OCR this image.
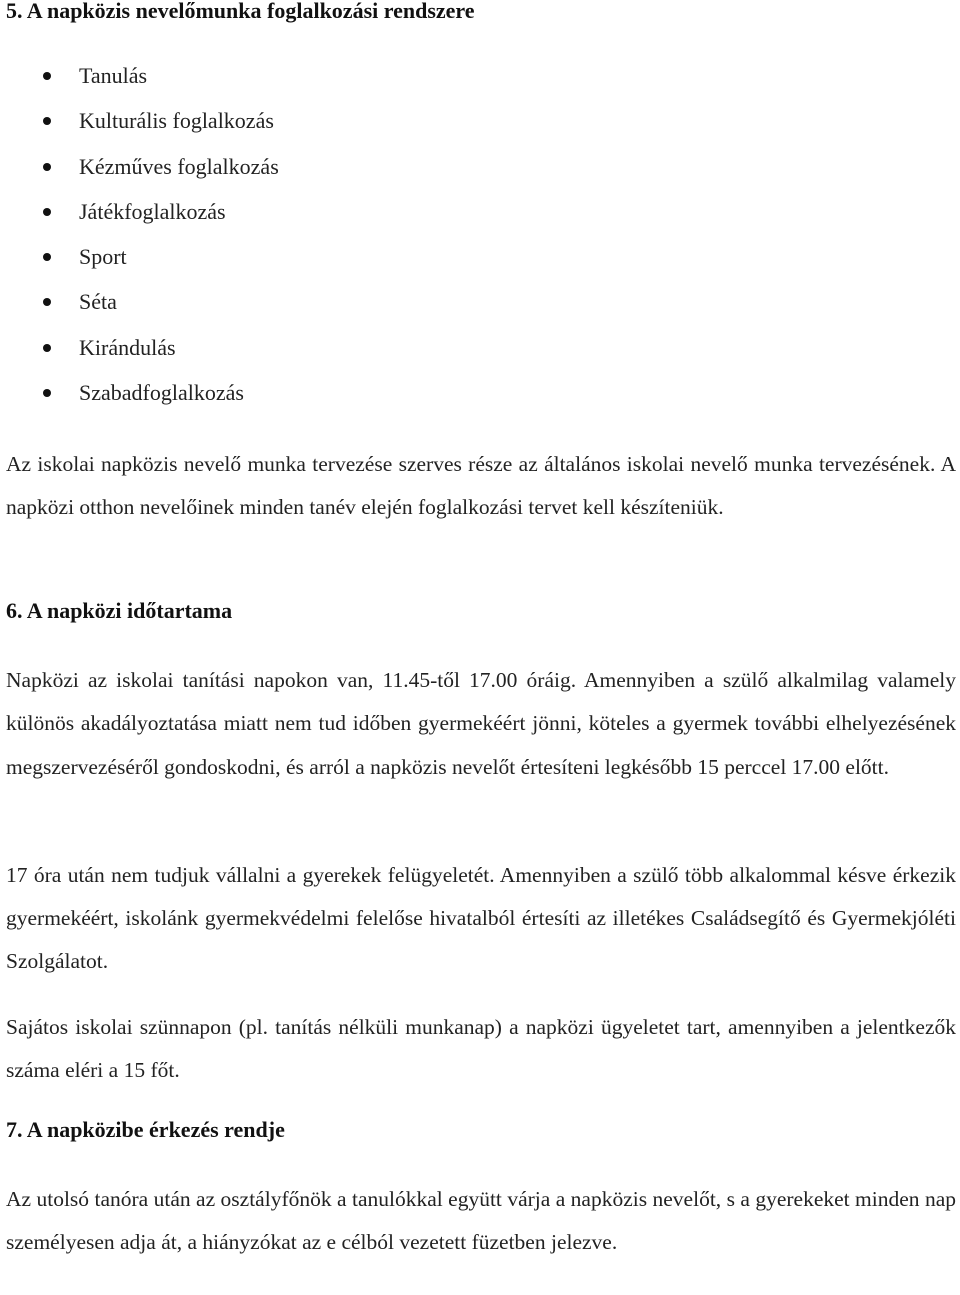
5. A napközis nevelőmunka foglalkozási rendszere
Tanulás
Kulturális foglalkozás
Kézműves foglalkozás
Játékfoglalkozás
Sport
Séta
Kirándulás
Szabadfoglalkozás

Az iskolai napközis nevelő munka tervezése szerves része az általános iskolai nevelő munka tervezésének. A napközi otthon nevelőinek minden tanév elején foglalkozási tervet kell készíteniük.

6. A napközi időtartama

Napközi az iskolai tanítási napokon van, 11.45-től 17.00 óráig. Amennyiben a szülő alkalmilag valamely különös akadályoztatása miatt nem tud időben gyermekéért jönni, köteles a gyermek további elhelyezésének megszervezéséről gondoskodni, és arról a napközis nevelőt értesíteni legkésőbb 15 perccel 17.00 előtt.

17 óra után nem tudjuk vállalni a gyerekek felügyeletét. Amennyiben a szülő több alkalommal késve érkezik gyermekéért, iskolánk gyermekvédelmi felelőse hivatalból értesíti az illetékes Családsegítő és Gyermekjóléti Szolgálatot.

Sajátos iskolai szünnapon (pl. tanítás nélküli munkanap) a napközi ügyeletet tart, amennyiben a jelentkezők száma eléri a 15 főt.

7. A napközibe érkezés rendje

Az utolsó tanóra után az osztályfőnök a tanulókkal együtt várja a napközis nevelőt, s a gyerekeket minden nap személyesen adja át, a hiányzókat az e célból vezetett füzetben jelezve.
